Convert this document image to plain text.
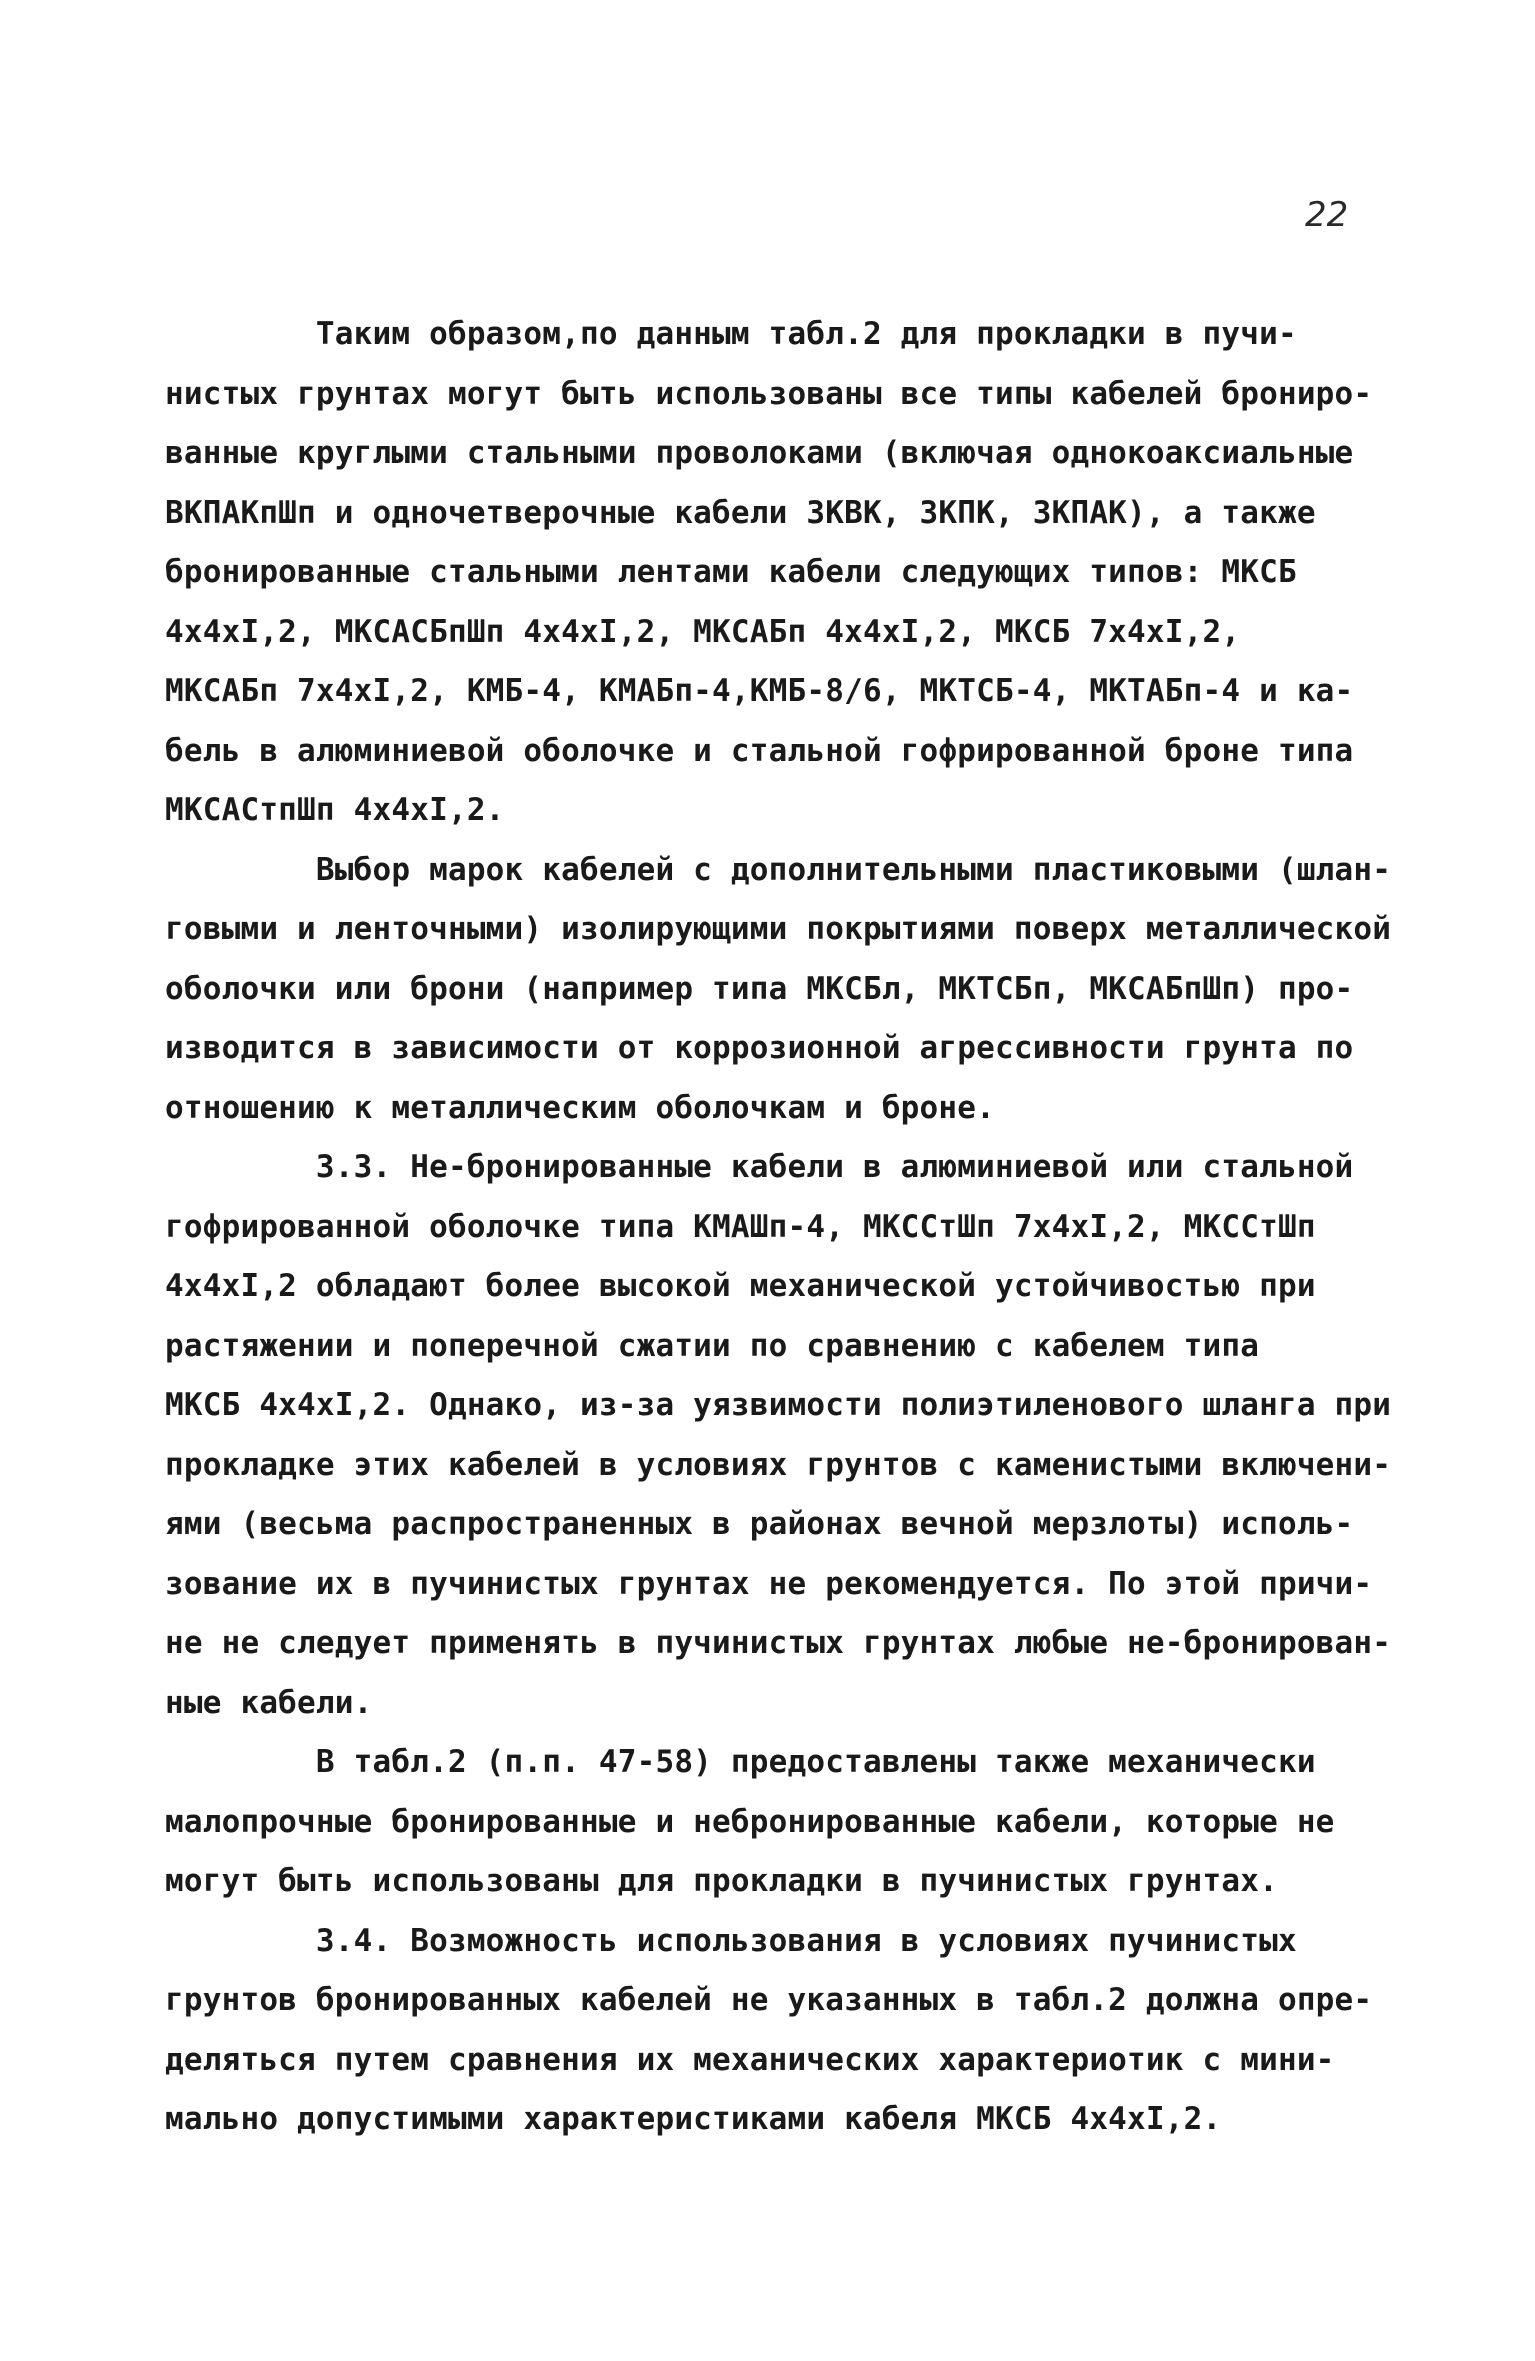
22
Таким образом,по данным табл.2 для прокладки в пучи-
нистых грунтах могут быть использованы все типы кабелей брониро-
ванные круглыми стальными проволоками (включая однокоаксиальные
ВКПАКпШп и одночетверочные кабели ЗКВК, ЗКПК, ЗКПАК), а также
бронированные стальными лентами кабели следующих типов: МКСБ
4х4хI,2, МКСАСБпШп 4х4хI,2, МКСАБп 4х4хI,2, МКСБ 7х4хI,2,
МКСАБп 7х4хI,2, КМБ-4, КМАБп-4,КМБ-8/6, МКТСБ-4, МКТАБп-4 и ка-
бель в алюминиевой оболочке и стальной гофрированной броне типа
МКСАСтпШп 4х4хI,2.
Выбор марок кабелей с дополнительными пластиковыми (шлан-
говыми и ленточными) изолирующими покрытиями поверх металлической
оболочки или брони (например типа МКСБл, МКТСБп, МКСАБпШп) про-
изводится в зависимости от коррозионной агрессивности грунта по
отношению к металлическим оболочкам и броне.
3.3. Не-бронированные кабели в алюминиевой или стальной
гофрированной оболочке типа КМАШп-4, МКССтШп 7х4хI,2, МКССтШп
4х4хI,2 обладают более высокой механической устойчивостью при
растяжении и поперечной сжатии по сравнению с кабелем типа
МКСБ 4х4хI,2. Однако, из-за уязвимости полиэтиленового шланга при
прокладке этих кабелей в условиях грунтов с каменистыми включени-
ями (весьма распространенных в районах вечной мерзлоты) исполь-
зование их в пучинистых грунтах не рекомендуется. По этой причи-
не не следует применять в пучинистых грунтах любые не-бронирован-
ные кабели.
В табл.2 (п.п. 47-58) предоставлены также механически
малопрочные бронированные и небронированные кабели, которые не
могут быть использованы для прокладки в пучинистых грунтах.
3.4. Возможность использования в условиях пучинистых
грунтов бронированных кабелей не указанных в табл.2 должна опре-
деляться путем сравнения их механических характериотик с мини-
мально допустимыми характеристиками кабеля МКСБ 4х4хI,2.
